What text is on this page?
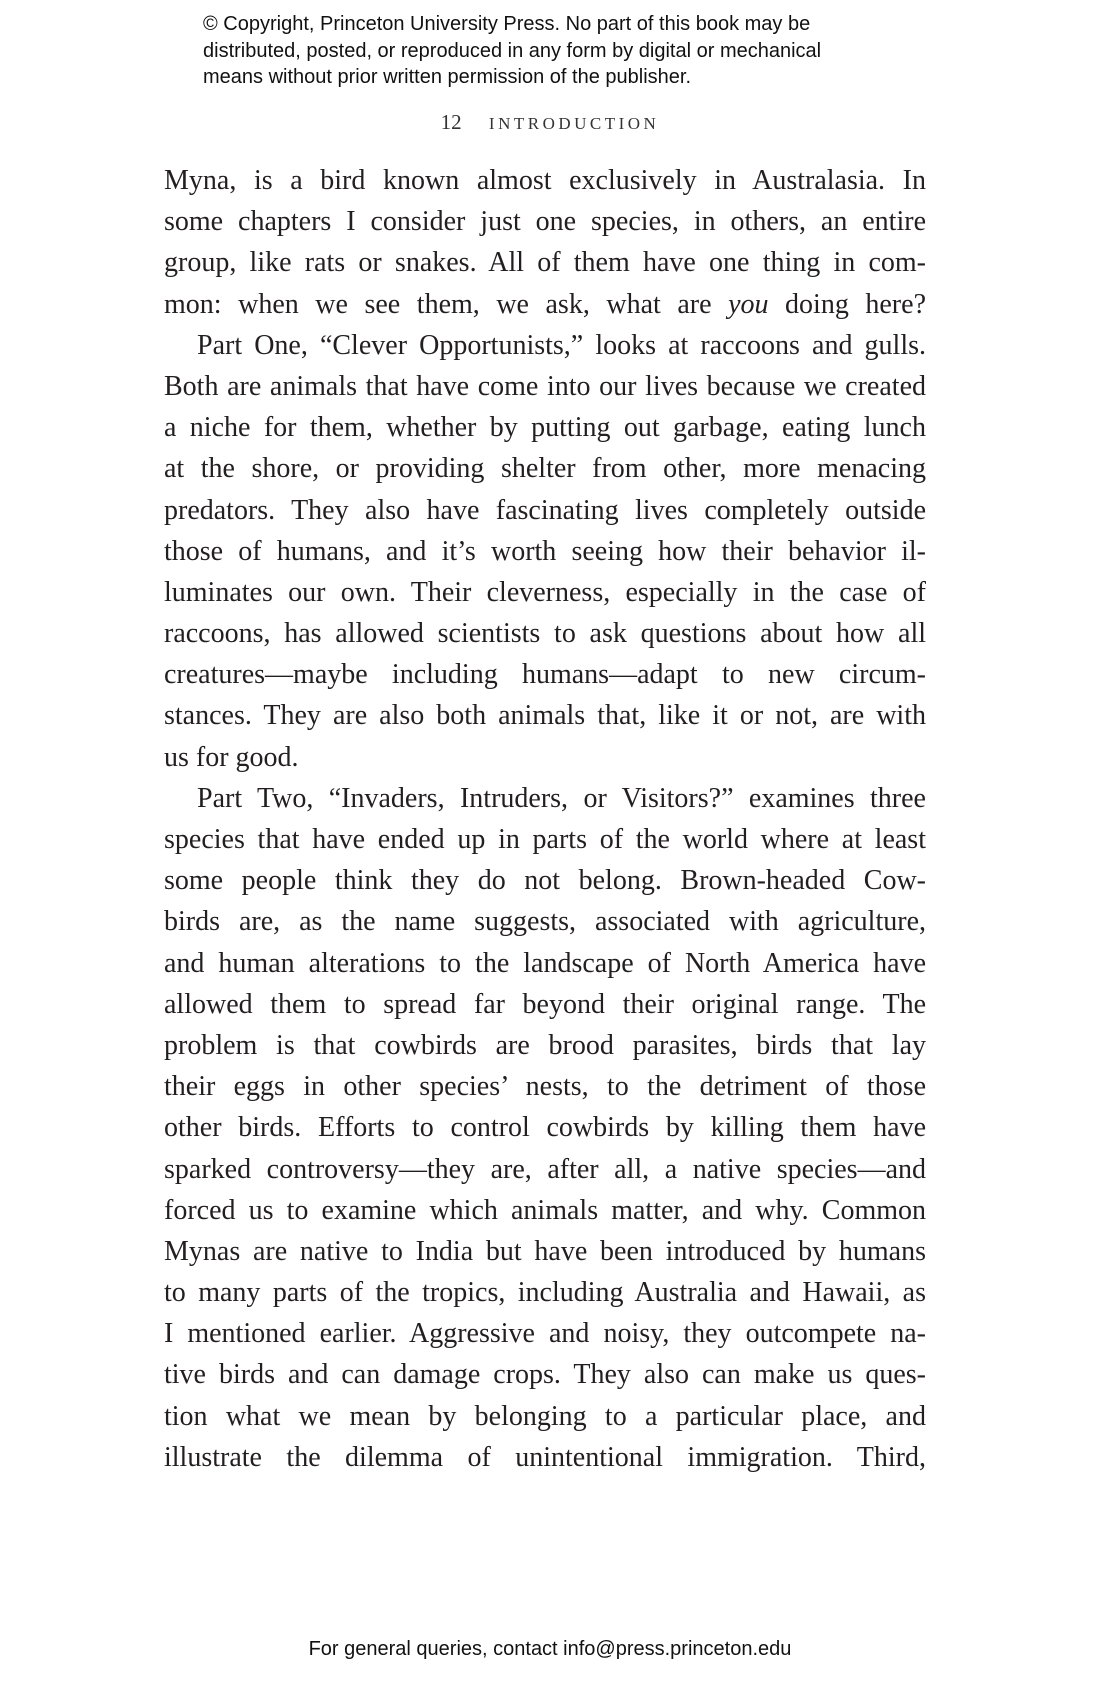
© Copyright, Princeton University Press. No part of this book may be
distributed, posted, or reproduced in any form by digital or mechanical
means without prior written permission of the publisher.
12 INTRODUCTION
Myna, is a bird known almost exclusively in Australasia. In
some chapters I consider just one species, in others, an entire
group, like rats or snakes. All of them have one thing in com-
mon: when we see them, we ask, what are you doing here?
Part One, “Clever Opportunists,” looks at raccoons and gulls.
Both are animals that have come into our lives because we created
a niche for them, whether by putting out garbage, eating lunch
at the shore, or providing shelter from other, more menacing
predators. They also have fascinating lives completely outside
those of humans, and it’s worth seeing how their behavior il-
luminates our own. Their cleverness, especially in the case of
raccoons, has allowed scientists to ask questions about how all
creatures—maybe including humans—adapt to new circum-
stances. They are also both animals that, like it or not, are with
us for good.
Part Two, “Invaders, Intruders, or Visitors?” examines three
species that have ended up in parts of the world where at least
some people think they do not belong. Brown-headed Cow-
birds are, as the name suggests, associated with agriculture,
and human alterations to the landscape of North America have
allowed them to spread far beyond their original range. The
problem is that cowbirds are brood parasites, birds that lay
their eggs in other species’ nests, to the detriment of those
other birds. Efforts to control cowbirds by killing them have
sparked controversy—they are, after all, a native species—and
forced us to examine which animals matter, and why. Common
Mynas are native to India but have been introduced by humans
to many parts of the tropics, including Australia and Hawaii, as
I mentioned earlier. Aggressive and noisy, they outcompete na-
tive birds and can damage crops. They also can make us ques-
tion what we mean by belonging to a particular place, and
illustrate the dilemma of unintentional immigration. Third,
For general queries, contact info@press.princeton.edu
